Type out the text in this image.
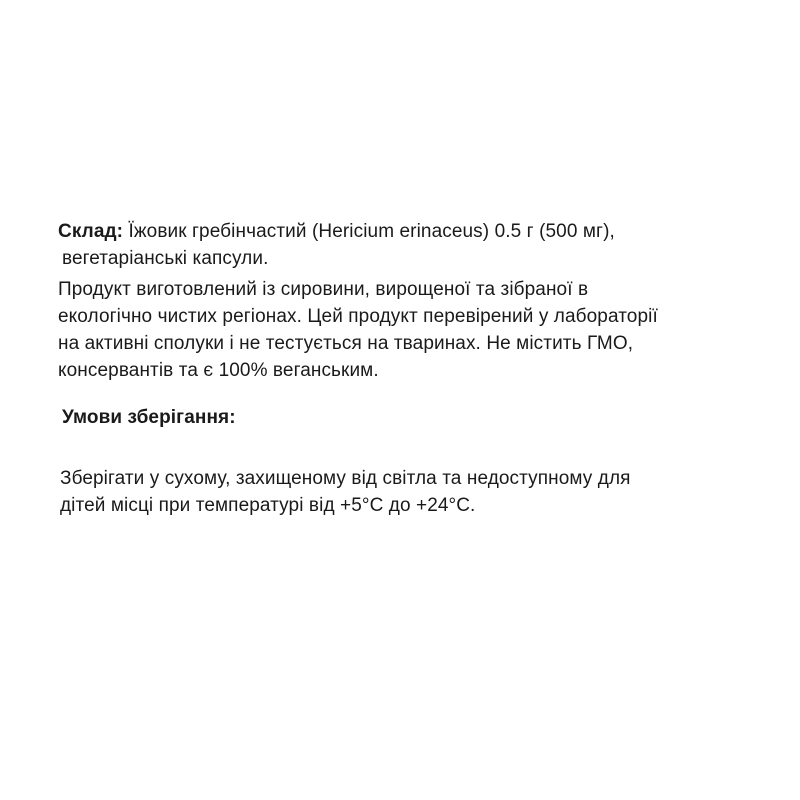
Склад: Їжовик гребінчастий (Hericium erinaceus) 0.5 г (500 мг),
вегетаріанські капсули.
Продукт виготовлений із сировини, вирощеної та зібраної в
екологічно чистих регіонах. Цей продукт перевірений у лабораторії
на активні сполуки і не тестується на тваринах. Не містить ГМО,
консервантів та є 100% веганським.
Умови зберігання:
Зберігати у сухому, захищеному від світла та недоступному для
дітей місці при температурі від +5°C до +24°C.
